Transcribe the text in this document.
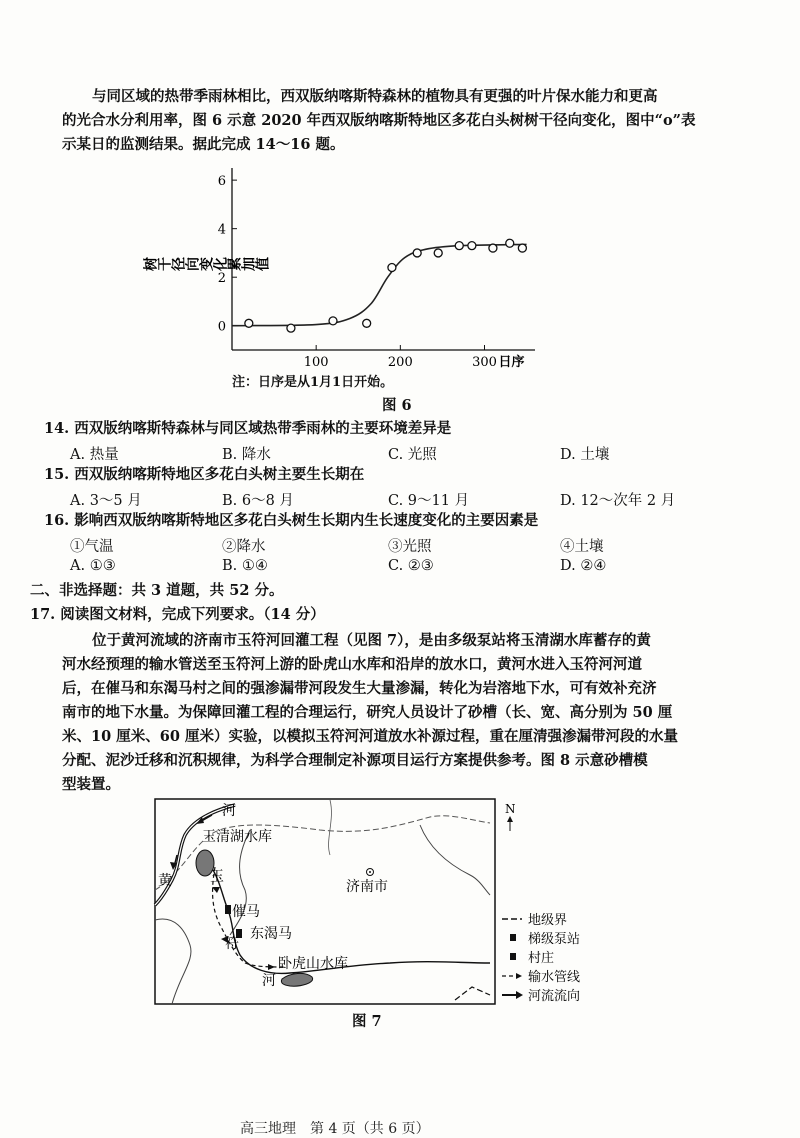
与同区域的热带季雨林相比，西双版纳喀斯特森林的植物具有更强的叶片保水能力和更高
的光合水分利用率，图 6 示意 2020 年西双版纳喀斯特地区多花白头树树干径向变化，图中“o”表
示某日的监测结果。据此完成 14～16 题。
0
2
4
6
100	200	300
树干径向变化累加值
日序
注：日序是从1月1日开始。
图 6
14. 西双版纳喀斯特森林与同区域热带季雨林的主要环境差异是
A. 热量	B. 降水	C. 光照	D. 土壤
15. 西双版纳喀斯特地区多花白头树主要生长期在
A. 3～5 月	B. 6～8 月	C. 9～11 月	D. 12～次年 2 月
16. 影响西双版纳喀斯特地区多花白头树生长期内生长速度变化的主要因素是
①气温	②降水	③光照	④土壤
A. ①③	B. ①④	C. ②③	D. ②④
二、非选择题：共 3 道题，共 52 分。
17. 阅读图文材料，完成下列要求。（14 分）
位于黄河流域的济南市玉符河回灌工程（见图 7），是由多级泵站将玉清湖水库蓄存的黄
河水经预理的输水管送至玉符河上游的卧虎山水库和沿岸的放水口，黄河水进入玉符河河道
后，在催马和东渴马村之间的强渗漏带河段发生大量渗漏，转化为岩溶地下水，可有效补充济
南市的地下水量。为保障回灌工程的合理运行，研究人员设计了砂槽（长、宽、高分别为 50 厘
米、10 厘米、60 厘米）实验，以模拟玉符河河道放水补源过程，重在厘清强渗漏带河段的水量
分配、泥沙迁移和沉积规律，为科学合理制定补源项目运行方案提供参考。图 8 示意砂槽模
型装置。
河
玉清湖水库
黄	济南市
玉
催马
东渴马
符
河
卧虎山水库
N
地级界
梯级泵站
村庄
输水管线
河流流向
图 7
高三地理　第 4 页（共 6 页）
